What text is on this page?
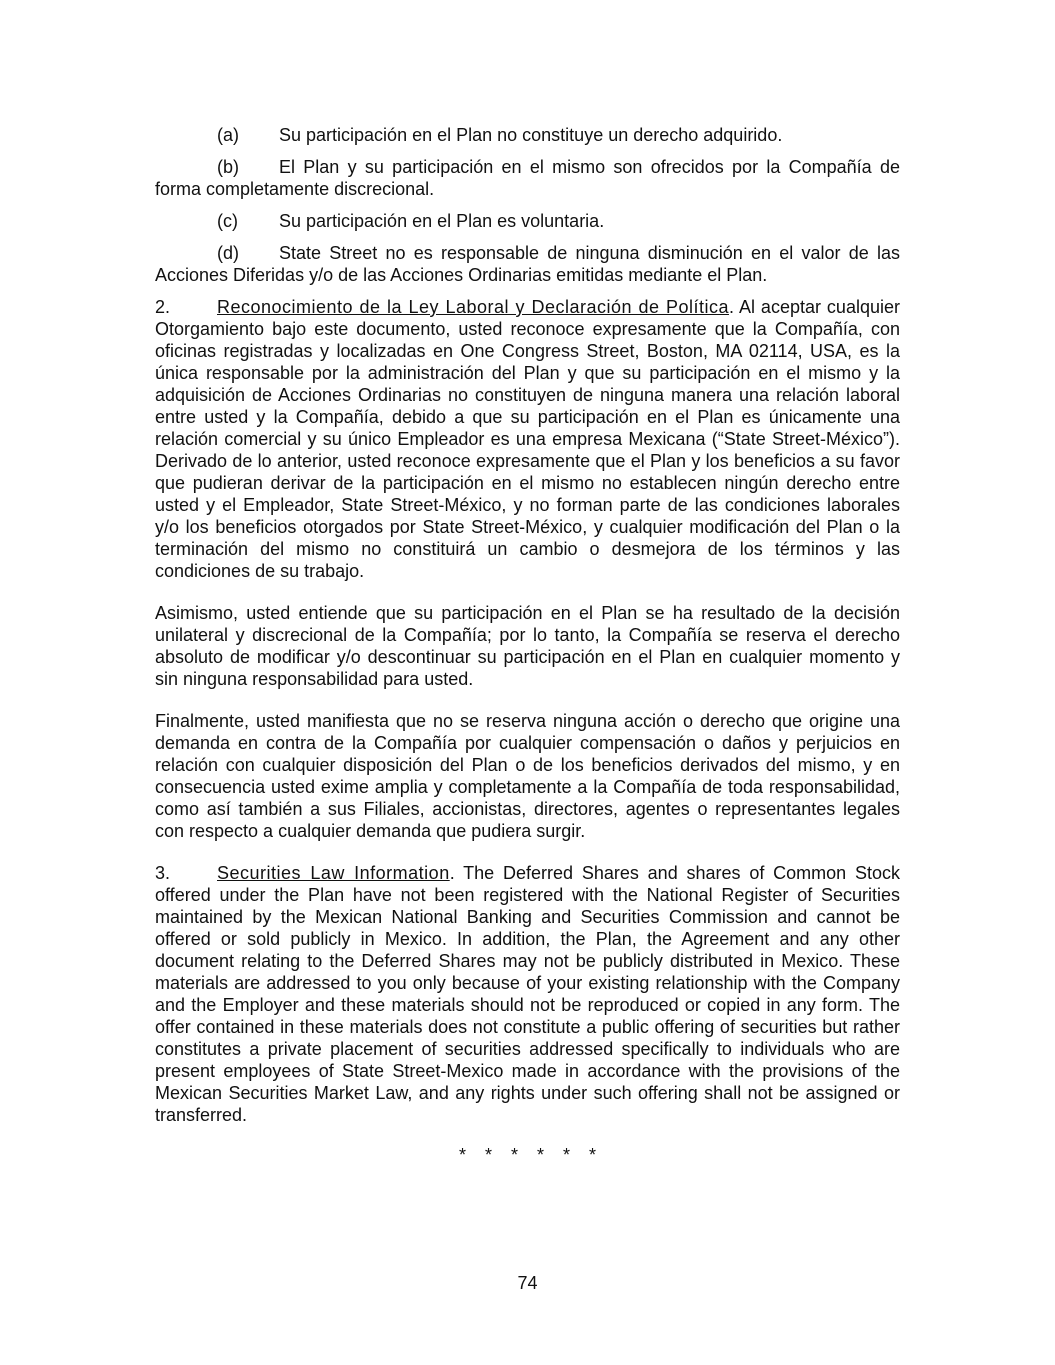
(a) Su participación en el Plan no constituye un derecho adquirido.

(b) El Plan y su participación en el mismo son ofrecidos por la Compañía de forma completamente discrecional.

(c) Su participación en el Plan es voluntaria.

(d) State Street no es responsable de ninguna disminución en el valor de las Acciones Diferidas y/o de las Acciones Ordinarias emitidas mediante el Plan.

2.	Reconocimiento de la Ley Laboral y Declaración de Política. Al aceptar cualquier Otorgamiento bajo este documento, usted reconoce expresamente que la Compañía, con oficinas registradas y localizadas en One Congress Street, Boston, MA 02114, USA, es la única responsable por la administración del Plan y que su participación en el mismo y la adquisición de Acciones Ordinarias no constituyen de ninguna manera una relación laboral entre usted y la Compañía, debido a que su participación en el Plan es únicamente una relación comercial y su único Empleador es una empresa Mexicana (“State Street-México”). Derivado de lo anterior, usted reconoce expresamente que el Plan y los beneficios a su favor que pudieran derivar de la participación en el mismo no establecen ningún derecho entre usted y el Empleador, State Street-México, y no forman parte de las condiciones laborales y/o los beneficios otorgados por State Street-México, y cualquier modificación del Plan o la terminación del mismo no constituirá un cambio o desmejora de los términos y las condiciones de su trabajo.

Asimismo, usted entiende que su participación en el Plan se ha resultado de la decisión unilateral y discrecional de la Compañía; por lo tanto, la Compañía se reserva el derecho absoluto de modificar y/o descontinuar su participación en el Plan en cualquier momento y sin ninguna responsabilidad para usted.

Finalmente, usted manifiesta que no se reserva ninguna acción o derecho que origine una demanda en contra de la Compañía por cualquier compensación o daños y perjuicios en relación con cualquier disposición del Plan o de los beneficios derivados del mismo, y en consecuencia usted exime amplia y completamente a la Compañía de toda responsabilidad, como así también a sus Filiales, accionistas, directores, agentes o representantes legales con respecto a cualquier demanda que pudiera surgir.

3.	Securities Law Information. The Deferred Shares and shares of Common Stock offered under the Plan have not been registered with the National Register of Securities maintained by the Mexican National Banking and Securities Commission and cannot be offered or sold publicly in Mexico. In addition, the Plan, the Agreement and any other document relating to the Deferred Shares may not be publicly distributed in Mexico. These materials are addressed to you only because of your existing relationship with the Company and the Employer and these materials should not be reproduced or copied in any form. The offer contained in these materials does not constitute a public offering of securities but rather constitutes a private placement of securities addressed specifically to individuals who are present employees of State Street-Mexico made in accordance with the provisions of the Mexican Securities Market Law, and any rights under such offering shall not be assigned or transferred.

* * * * * *

74
